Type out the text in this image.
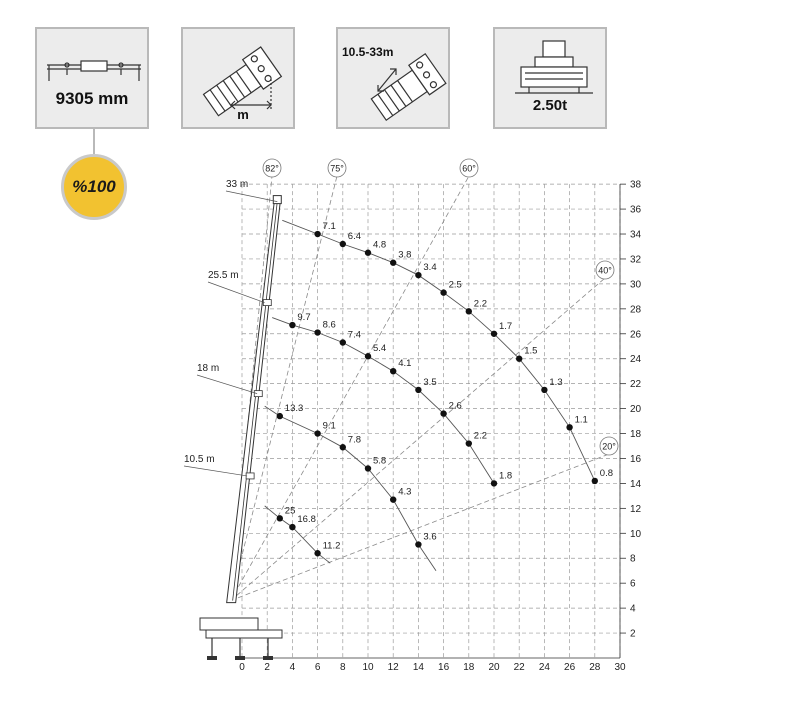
9305 mm
m
10.5-33m
2.50t
%100
82°	75°	60°
40°
20°
33 m
25.5 m
18 m
10.5 m
0 2 4 6 8 10 12 14 16 18 20 22 24 26 28 30
2
4
6
8
10
12
14
16
18
20
22
24
26
28
30
32
34
36
38
7.1
6.4
4.8
3.8
3.4
2.5
2.2
1.7
1.5
1.3
1.1
0.8
9.7
8.6
7.4
5.4
4.1
3.5
2.6
2.2
1.8
13.3
9.1
7.8
5.8
4.3
3.6
25
16.8
11.2
